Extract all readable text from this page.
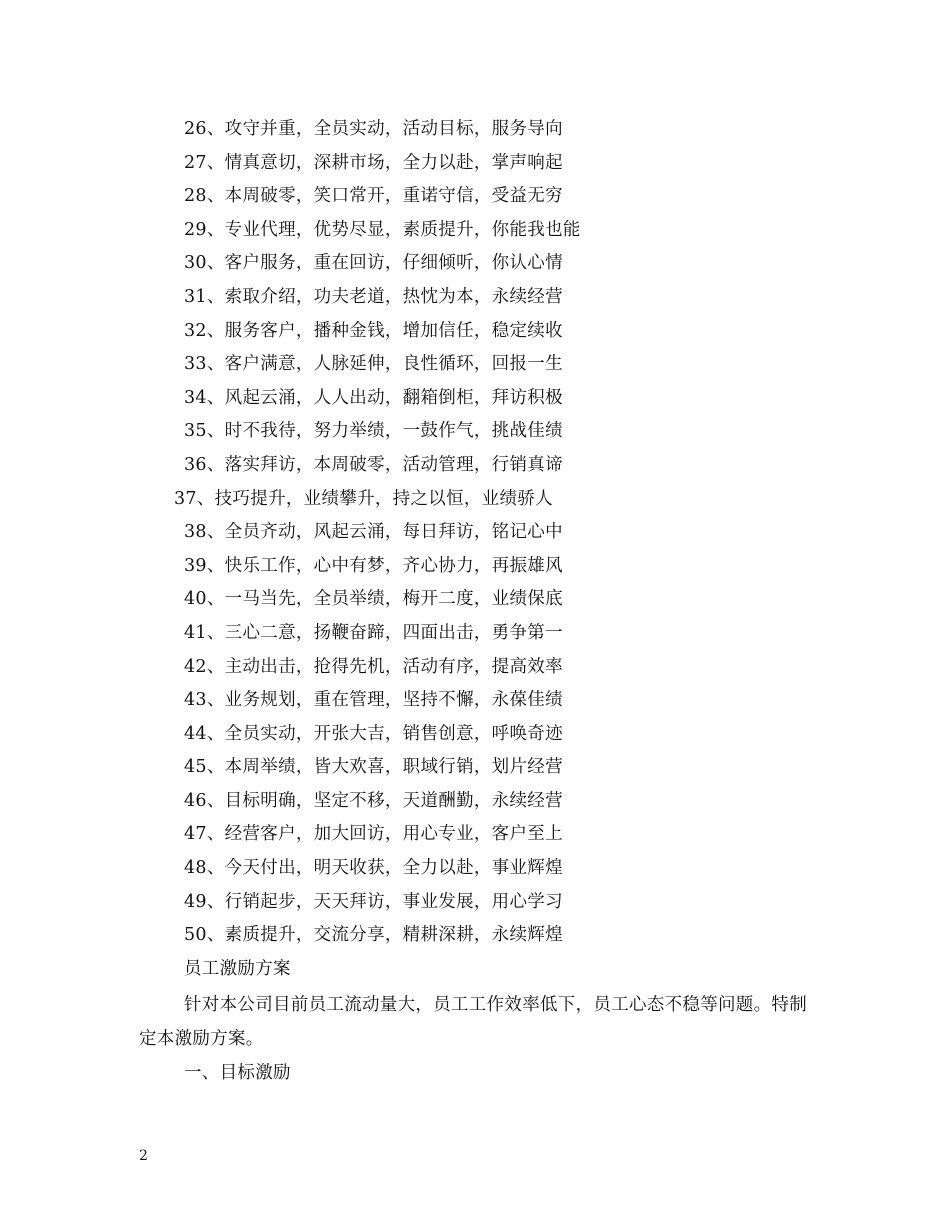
26、攻守并重，全员实动，活动目标，服务导向
27、情真意切，深耕市场，全力以赴，掌声响起
28、本周破零，笑口常开，重诺守信，受益无穷
29、专业代理，优势尽显，素质提升，你能我也能
30、客户服务，重在回访，仔细倾听，你认心情
31、索取介绍，功夫老道，热忱为本，永续经营
32、服务客户，播种金钱，增加信任，稳定续收
33、客户满意，人脉延伸，良性循环，回报一生
34、风起云涌，人人出动，翻箱倒柜，拜访积极
35、时不我待，努力举绩，一鼓作气，挑战佳绩
36、落实拜访，本周破零，活动管理，行销真谛
37、技巧提升，业绩攀升，持之以恒，业绩骄人
38、全员齐动，风起云涌，每日拜访，铭记心中
39、快乐工作，心中有梦，齐心协力，再振雄风
40、一马当先，全员举绩，梅开二度，业绩保底
41、三心二意，扬鞭奋蹄，四面出击，勇争第一
42、主动出击，抢得先机，活动有序，提高效率
43、业务规划，重在管理，坚持不懈，永葆佳绩
44、全员实动，开张大吉，销售创意，呼唤奇迹
45、本周举绩，皆大欢喜，职域行销，划片经营
46、目标明确，坚定不移，天道酬勤，永续经营
47、经营客户，加大回访，用心专业，客户至上
48、今天付出，明天收获，全力以赴，事业辉煌
49、行销起步，天天拜访，事业发展，用心学习
50、素质提升，交流分享，精耕深耕，永续辉煌
员工激励方案

针对本公司目前员工流动量大，员工工作效率低下，员工心态不稳等问题。特制定本激励方案。

一、目标激励

2
